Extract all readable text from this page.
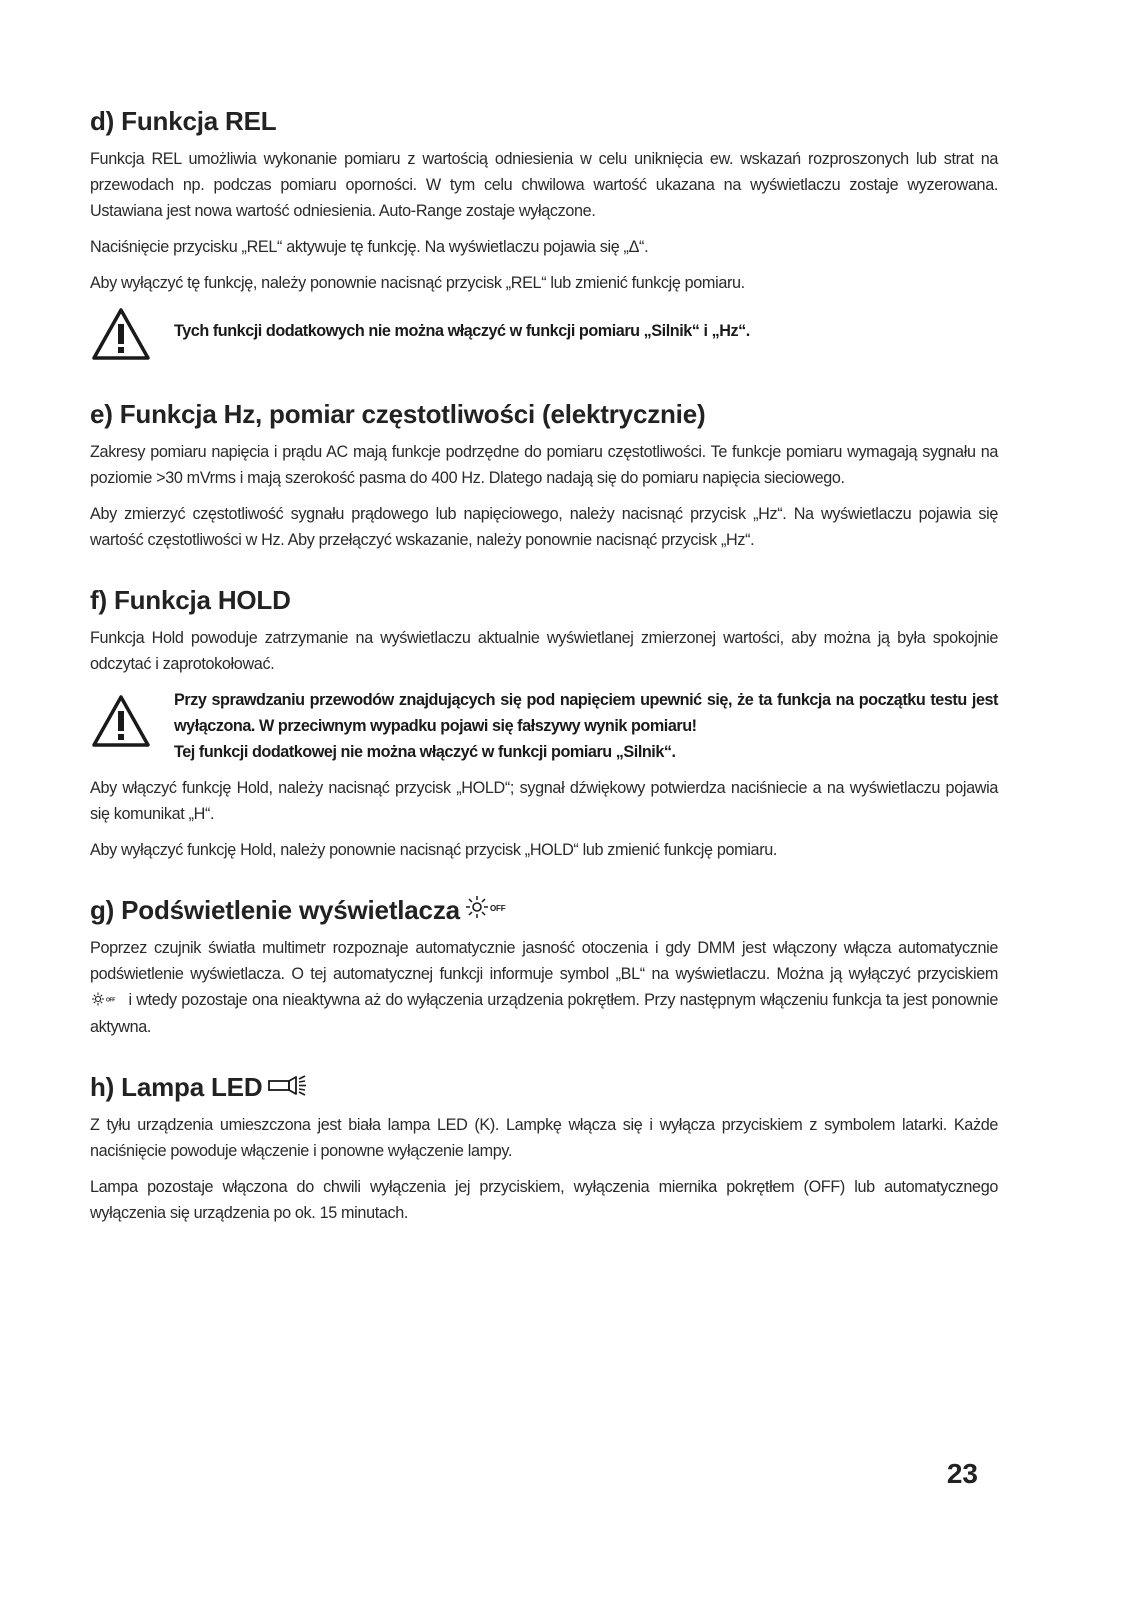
d) Funkcja REL

Funkcja REL umożliwia wykonanie pomiaru z wartością odniesienia w celu uniknięcia ew. wskazań rozproszonych lub strat na przewodach np. podczas pomiaru oporności. W tym celu chwilowa wartość ukazana na wyświetlaczu zostaje wyzerowana. Ustawiana jest nowa wartość odniesienia. Auto-Range zostaje wyłączone.

Naciśnięcie przycisku „REL“ aktywuje tę funkcję. Na wyświetlaczu pojawia się „Δ“.

Aby wyłączyć tę funkcję, należy ponownie nacisnąć przycisk „REL“ lub zmienić funkcję pomiaru.

Tych funkcji dodatkowych nie można włączyć w funkcji pomiaru „Silnik“ i „Hz“.

e) Funkcja Hz, pomiar częstotliwości (elektrycznie)

Zakresy pomiaru napięcia i prądu AC mają funkcje podrzędne do pomiaru częstotliwości. Te funkcje pomiaru wymagają sygnału na poziomie >30 mVrms i mają szerokość pasma do 400 Hz. Dlatego nadają się do pomiaru napięcia sieciowego.

Aby zmierzyć częstotliwość sygnału prądowego lub napięciowego, należy nacisnąć przycisk „Hz“. Na wyświetlaczu pojawia się wartość częstotliwości w Hz. Aby przełączyć wskazanie, należy ponownie nacisnąć przycisk „Hz“.

f) Funkcja HOLD

Funkcja Hold powoduje zatrzymanie na wyświetlaczu aktualnie wyświetlanej zmierzonej wartości, aby można ją była spokojnie odczytać i zaprotokołować.

Przy sprawdzaniu przewodów znajdujących się pod napięciem upewnić się, że ta funkcja na początku testu jest wyłączona. W przeciwnym wypadku pojawi się fałszywy wynik pomiaru!

Tej funkcji dodatkowej nie można włączyć w funkcji pomiaru „Silnik“.

Aby włączyć funkcję Hold, należy nacisnąć przycisk „HOLD“; sygnał dźwiękowy potwierdza naciśniecie a na wyświetlaczu pojawia się komunikat „H“.

Aby wyłączyć funkcję Hold, należy ponownie nacisnąć przycisk „HOLD“ lub zmienić funkcję pomiaru.

g) Podświetlenie wyświetlacza	OFF

Poprzez czujnik światła multimetr rozpoznaje automatycznie jasność otoczenia i gdy DMM jest włączony włącza automatycznie podświetlenie wyświetlacza. O tej automatycznej funkcji informuje symbol „BL“ na wyświetlaczu. Można ją wyłączyć przyciskiem
OFF i wtedy pozostaje ona nieaktywna aż do wyłączenia urządzenia pokrętłem. Przy następnym włączeniu funkcja ta jest ponownie aktywna.

h) Lampa LED

Z tyłu urządzenia umieszczona jest biała lampa LED (K). Lampkę włącza się i wyłącza przyciskiem z symbolem latarki. Każde naciśnięcie powoduje włączenie i ponowne wyłączenie lampy.

Lampa pozostaje włączona do chwili wyłączenia jej przyciskiem, wyłączenia miernika pokrętłem (OFF) lub automatycznego wyłączenia się urządzenia po ok. 15 minutach.

23
